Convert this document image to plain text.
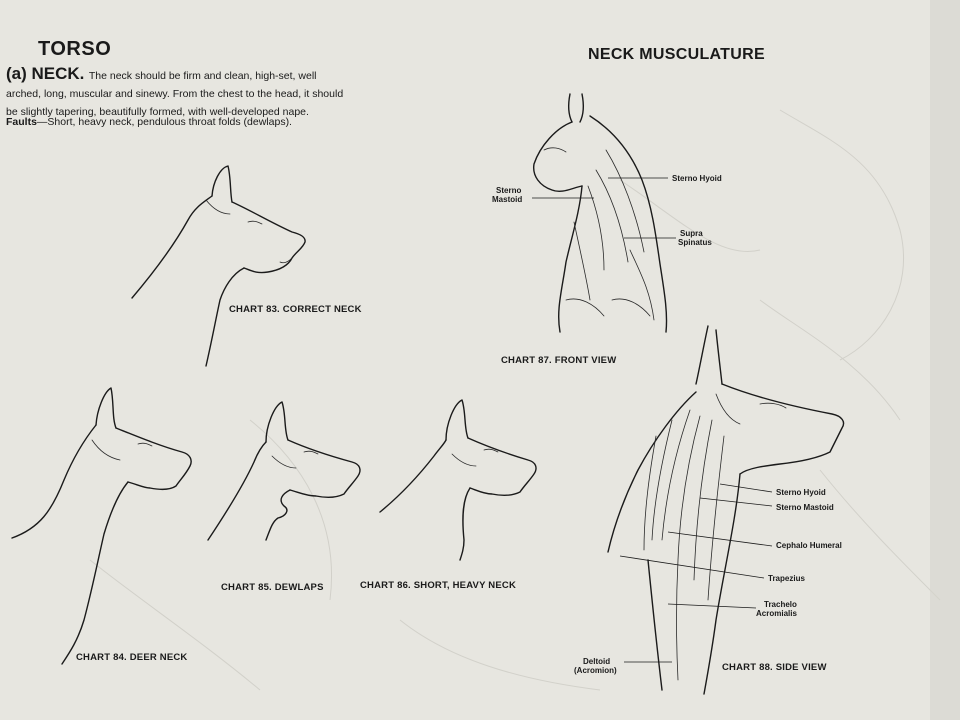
TORSO
(a) NECK. The neck should be firm and clean, high-set, well arched, long, muscular and sinewy. From the chest to the head, it should be slightly tapering, beautifully formed, with well-developed nape.
Faults—Short, heavy neck, pendulous throat folds (dewlaps).
NECK MUSCULATURE
CHART 83. CORRECT NECK
CHART 84. DEER NECK
CHART 85. DEWLAPS	CHART 86. SHORT, HEAVY NECK
CHART 87. FRONT VIEW
CHART 88. SIDE VIEW
Sterno Hyoid
Sterno
Mastoid
Supra
Spinatus
Sterno Hyoid
Sterno Mastoid
Cephalo Humeral
Trapezius
Trachelo
Acromialis
Deltoid
(Acromion)
